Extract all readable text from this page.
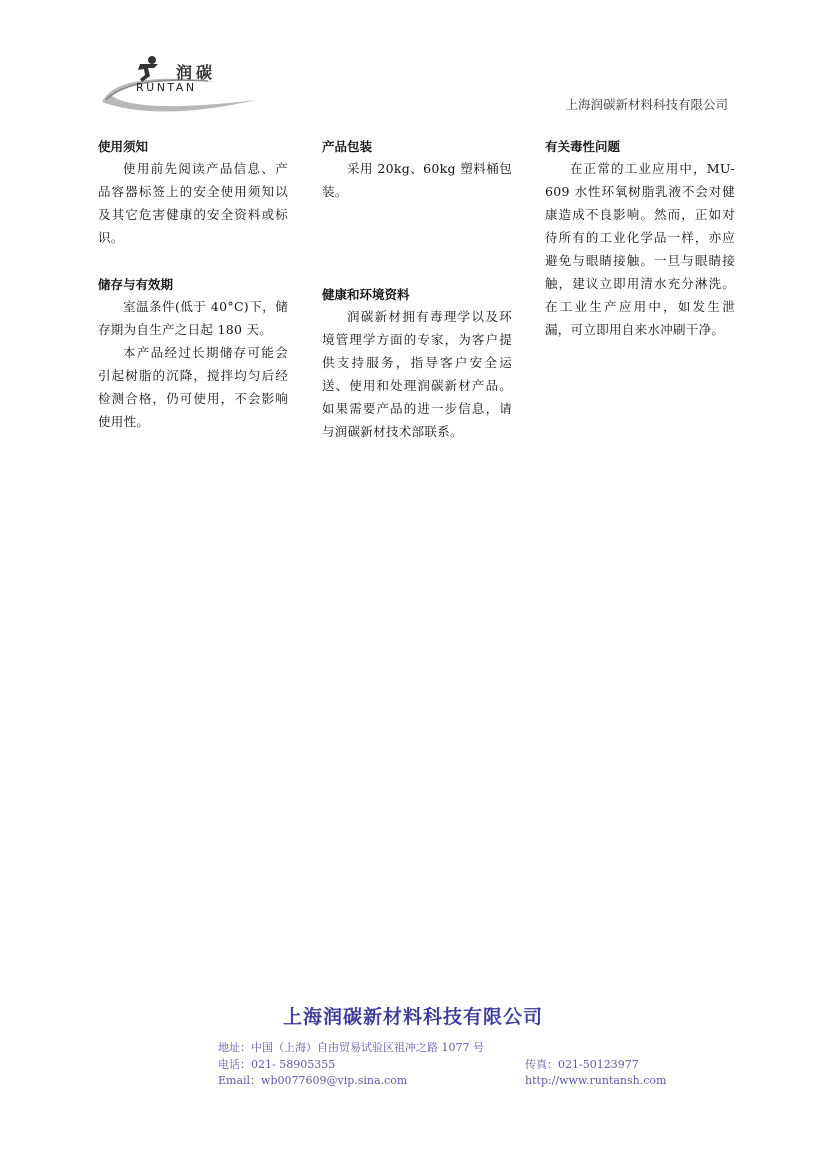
润碳
RUNTAN
上海润碳新材料科技有限公司

使用须知

使用前先阅读产品信息、产品容器标签上的安全使用须知以及其它危害健康的安全资料或标识。

储存与有效期

室温条件(低于 40°C)下，储存期为自生产之日起 180 天。

本产品经过长期储存可能会引起树脂的沉降，搅拌均匀后经检测合格，仍可使用，不会影响使用性。

产品包装

采用 20kg、60kg 塑料桶包装。

健康和环境资料

润碳新材拥有毒理学以及环境管理学方面的专家，为客户提供支持服务，指导客户安全运送、使用和处理润碳新材产品。如果需要产品的进一步信息，请与润碳新材技术部联系。

有关毒性问题

在正常的工业应用中，MU-609 水性环氧树脂乳液不会对健康造成不良影响。然而，正如对待所有的工业化学品一样，亦应避免与眼睛接触。一旦与眼睛接触，建议立即用清水充分淋洗。在工业生产应用中，如发生泄漏，可立即用自来水冲刷干净。

上海润碳新材料科技有限公司
地址：中国（上海）自由贸易试验区祖冲之路 1077 号
电话：021- 58905355	传真：021-50123977
Email：wb0077609@vip.sina.com	http://www.runtansh.com
